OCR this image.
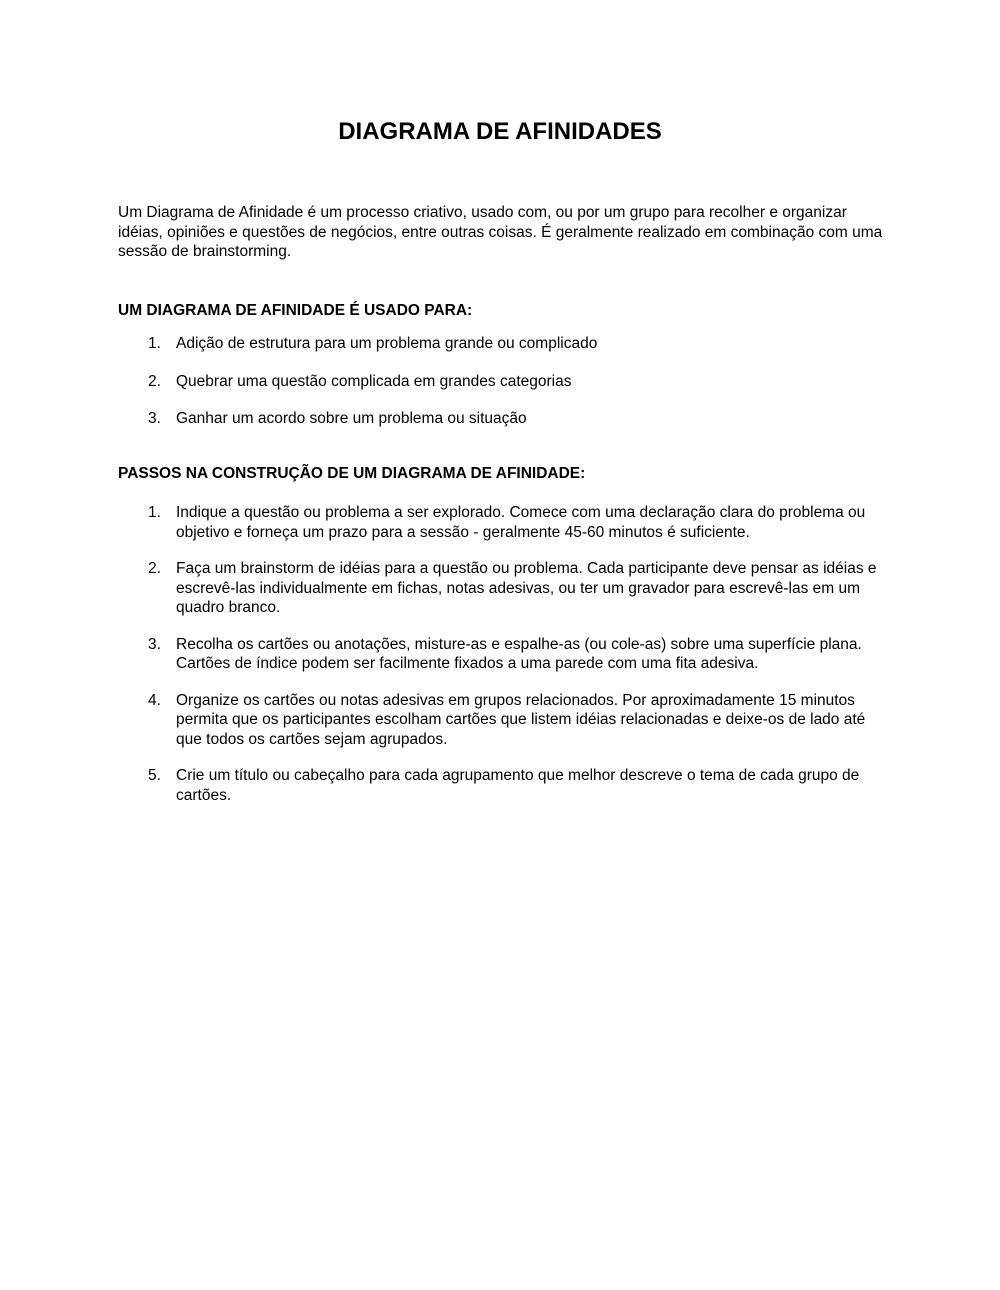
DIAGRAMA DE AFINIDADES

Um Diagrama de Afinidade é um processo criativo, usado com, ou por um grupo para recolher e organizar idéias, opiniões e questões de negócios, entre outras coisas. É geralmente realizado em combinação com uma sessão de brainstorming.

UM DIAGRAMA DE AFINIDADE É USADO PARA:
1. Adição de estrutura para um problema grande ou complicado
2. Quebrar uma questão complicada em grandes categorias
3. Ganhar um acordo sobre um problema ou situação
PASSOS NA CONSTRUÇÃO DE UM DIAGRAMA DE AFINIDADE:
1. Indique a questão ou problema a ser explorado. Comece com uma declaração clara do problema ou objetivo e forneça um prazo para a sessão - geralmente 45-60 minutos é suficiente.
2. Faça um brainstorm de idéias para a questão ou problema. Cada participante deve pensar as idéias e escrevê-las individualmente em fichas, notas adesivas, ou ter um gravador para escrevê-las em um quadro branco.
3. Recolha os cartões ou anotações, misture-as e espalhe-as (ou cole-as) sobre uma superfície plana. Cartões de índice podem ser facilmente fixados a uma parede com uma fita adesiva.
4. Organize os cartões ou notas adesivas em grupos relacionados. Por aproximadamente 15 minutos permita que os participantes escolham cartões que listem idéias relacionadas e deixe-os de lado até que todos os cartões sejam agrupados.
5. Crie um título ou cabeçalho para cada agrupamento que melhor descreve o tema de cada grupo de cartões.
